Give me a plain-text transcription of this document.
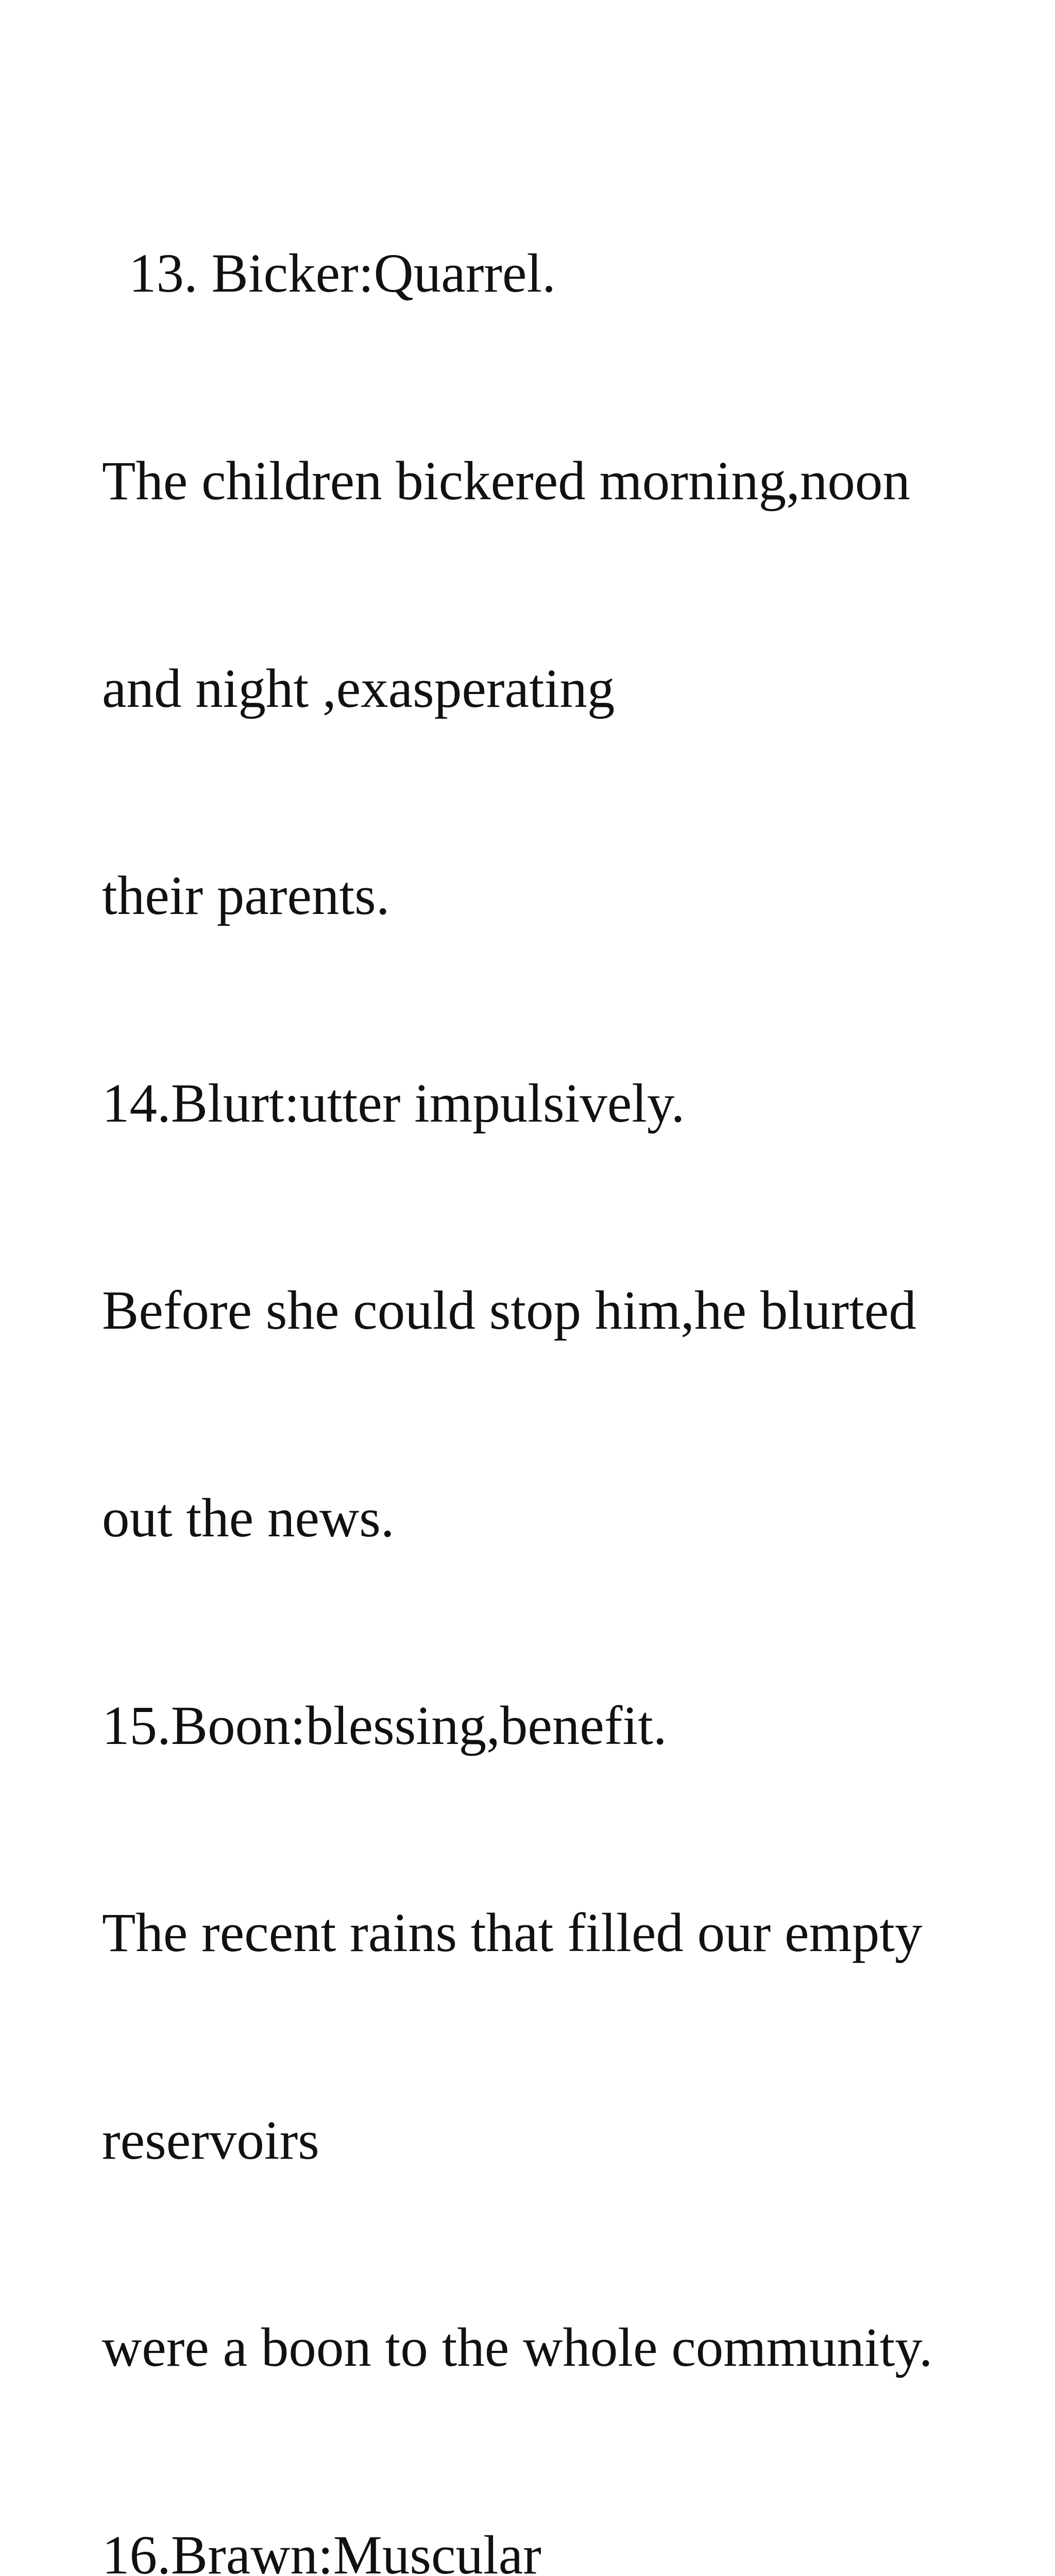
13. Bicker:Quarrel.

The children bickered morning,noon

and night ,exasperating

their parents.

14.Blurt:utter impulsively.

Before she could stop him,he blurted

out the news.

15.Boon:blessing,benefit.

The recent rains that filled our empty

reservoirs

were a boon to the whole community.

16.Brawn:Muscular
